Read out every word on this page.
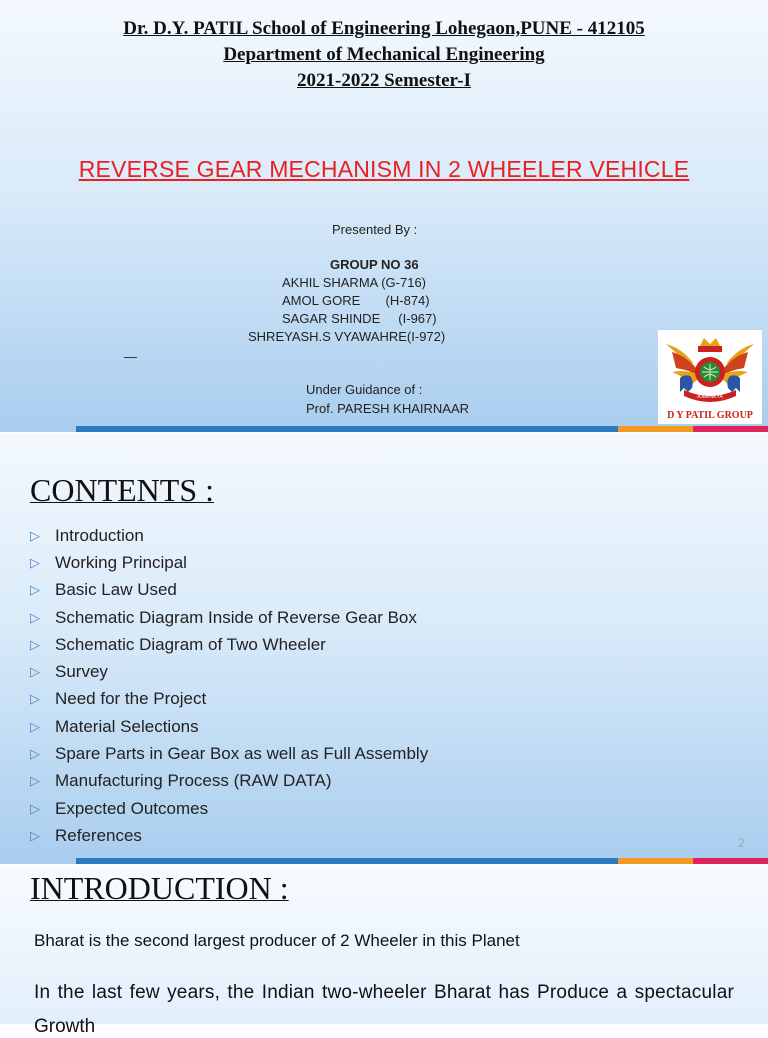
Dr. D.Y. PATIL School of Engineering Lohegaon,PUNE - 412105
Department of Mechanical Engineering
2021-2022 Semester-I
REVERSE GEAR MECHANISM IN 2 WHEELER VEHICLE
Presented By :
GROUP NO 36
AKHIL SHARMA (G-716)
AMOL GORE       (H-874)
SAGAR SHINDE     (I-967)
SHREYASH.S VYAWAHRE(I-972)
—
Under Guidance of :
Prof. PARESH KHAIRNAAR
AJEENKYA
D Y PATIL GROUP
CONTENTS :
▷ Introduction
▷ Working Principal
▷ Basic Law Used
▷ Schematic Diagram Inside of Reverse Gear Box
▷ Schematic Diagram of Two Wheeler
▷ Survey
▷ Need for the Project
▷ Material Selections
▷ Spare Parts in Gear Box as well as Full Assembly
▷ Manufacturing Process (RAW DATA)
▷ Expected Outcomes
▷ References	2
INTRODUCTION :
Bharat is the second largest producer of 2 Wheeler in this Planet
In the last few years, the Indian two-wheeler Bharat has Produce a spectacular
Growth
